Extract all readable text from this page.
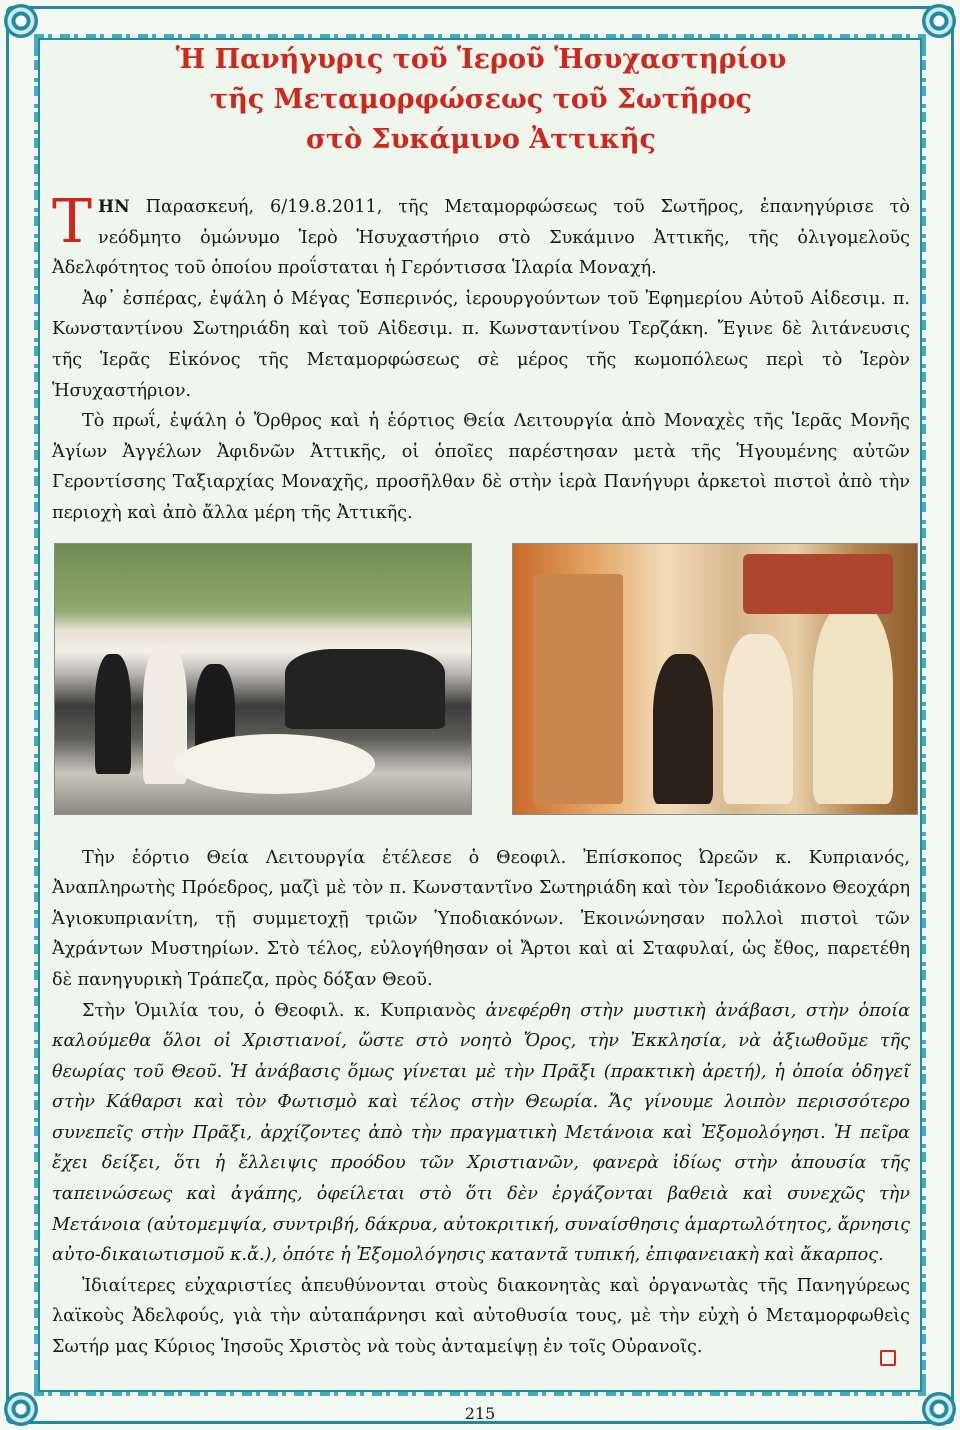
Ἡ Πανήγυρις τοῦ Ἱεροῦ Ἡσυχαστηρίου
τῆς Μεταμορφώσεως τοῦ Σωτῆρος
στὸ Συκάμινο Ἀττικῆς

ΤΗΝ Παρασκευή, 6/19.8.2011, τῆς Μεταμορφώσεως τοῦ Σωτῆρος, ἐπανηγύρισε τὸ νεόδμητο ὁμώνυμο Ἱερὸ Ἡσυχαστήριο στὸ Συκάμινο Ἀττικῆς, τῆς ὀλιγομελοῦς Ἀδελφότητος τοῦ ὁποίου προΐσταται ἡ Γερόντισσα Ἱλαρία Μοναχή.

Ἀφ᾽ ἑσπέρας, ἐψάλη ὁ Μέγας Ἑσπερινός, ἱερουργούντων τοῦ Ἐφημερίου Αὐτοῦ Αἰδεσιμ. π. Κωνσταντίνου Σωτηριάδη καὶ τοῦ Αἰδεσιμ. π. Κωνσταντίνου Τερζάκη. Ἔγινε δὲ λιτάνευσις τῆς Ἱερᾶς Εἰκόνος τῆς Μεταμορφώσεως σὲ μέρος τῆς κωμοπόλεως περὶ τὸ Ἱερὸν Ἡσυχαστήριον.

Τὸ πρωΐ, ἐψάλη ὁ Ὄρθρος καὶ ἡ ἑόρτιος Θεία Λειτουργία ἀπὸ Μοναχὲς τῆς Ἱερᾶς Μονῆς Ἁγίων Ἀγγέλων Ἀφιδνῶν Ἀττικῆς, οἱ ὁποῖες παρέστησαν μετὰ τῆς Ἡγουμένης αὐτῶν Γεροντίσσης Ταξιαρχίας Μοναχῆς, προσῆλθαν δὲ στὴν ἱερὰ Πανήγυρι ἀρκετοὶ πιστοὶ ἀπὸ τὴν περιοχὴ καὶ ἀπὸ ἄλλα μέρη τῆς Ἀττικῆς.

Τὴν ἑόρτιο Θεία Λειτουργία ἐτέλεσε ὁ Θεοφιλ. Ἐπίσκοπος Ὠρεῶν κ. Κυπριανός, Ἀναπληρωτὴς Πρόεδρος, μαζὶ μὲ τὸν π. Κωνσταντῖνο Σωτηριάδη καὶ τὸν Ἱεροδιάκονο Θεοχάρη Ἁγιοκυπριανίτη, τῇ συμμετοχῇ τριῶν Ὑποδιακόνων. Ἐκοινώνησαν πολλοὶ πιστοὶ τῶν Ἀχράντων Μυστηρίων. Στὸ τέλος, εὐλογήθησαν οἱ Ἄρτοι καὶ αἱ Σταφυλαί, ὡς ἔθος, παρετέθη δὲ πανηγυρικὴ Τράπεζα, πρὸς δόξαν Θεοῦ.

Στὴν Ὁμιλία του, ὁ Θεοφιλ. κ. Κυπριανὸς ἀνεφέρθη στὴν μυστικὴ ἀνάβασι, στὴν ὁποία καλούμεθα ὅλοι οἱ Χριστιανοί, ὥστε στὸ νοητὸ Ὄρος, τὴν Ἐκκλησία, νὰ ἀξιωθοῦμε τῆς θεωρίας τοῦ Θεοῦ. Ἡ ἀνάβασις ὅμως γίνεται μὲ τὴν Πρᾶξι (πρακτικὴ ἀρετή), ἡ ὁποία ὁδηγεῖ στὴν Κάθαρσι καὶ τὸν Φωτισμὸ καὶ τέλος στὴν Θεωρία. Ἄς γίνουμε λοιπὸν περισσότερο συνεπεῖς στὴν Πρᾶξι, ἀρχίζοντες ἀπὸ τὴν πραγματικὴ Μετάνοια καὶ Ἐξομολόγησι. Ἡ πεῖρα ἔχει δείξει, ὅτι ἡ ἔλλειψις προόδου τῶν Χριστιανῶν, φανερὰ ἰδίως στὴν ἀπουσία τῆς ταπεινώσεως καὶ ἀγάπης, ὀφείλεται στὸ ὅτι δὲν ἐργάζονται βαθειὰ καὶ συνεχῶς τὴν Μετάνοια (αὐτομεμψία, συντριβή, δάκρυα, αὐτοκριτική, συναίσθησις ἁμαρτωλότητος, ἄρνησις αὐτο-δικαιωτισμοῦ κ.ἄ.), ὁπότε ἡ Ἐξομολόγησις καταντᾶ τυπική, ἐπιφανειακὴ καὶ ἄκαρπος.

Ἰδιαίτερες εὐχαριστίες ἀπευθύνονται στοὺς διακονητὰς καὶ ὀργανωτὰς τῆς Πανηγύρεως λαϊκοὺς Ἀδελφούς, γιὰ τὴν αὐταπάρνησι καὶ αὐτοθυσία τους, μὲ τὴν εὐχὴ ὁ Μεταμορφωθεὶς Σωτήρ μας Κύριος Ἰησοῦς Χριστὸς νὰ τοὺς ἀνταμείψῃ ἐν τοῖς Οὐρανοῖς.

215
